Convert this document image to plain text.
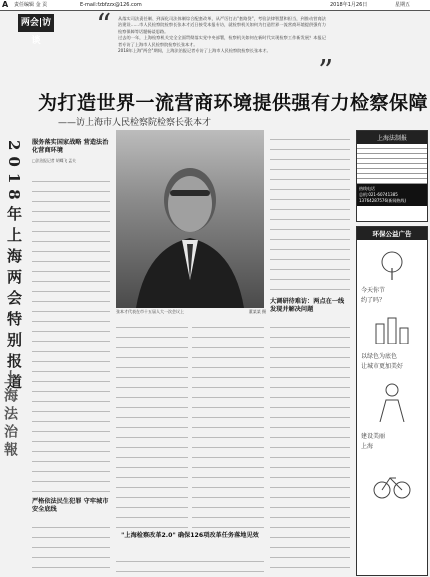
A 责任编辑 金 贡	E-mail:fzbfzzx@126.com	2018年1月26日	星期五
两会|访谈	“
”

从落实司法责任制、到深化司法体制综合配套改革，从严厉打击"套路贷"，考验法律智慧和担当，到推动营商法治建设……市人民检察院检察长张本才近日接受本报专访，就检察机关如何为打造世界一流营商环境提供强有力检察保障等话题畅谈思路。

过去的一年，上海检察机关完全全面贯彻落实党中央部署，检察机关如何在新时代实现检察工作新发展？本报记者专访了上海市人民检察院检察长张本才。

2018年上海"两会"期间，上海法治报记者专访了上海市人民检察院检察长张本才。

为打造世界一流营商环境提供强有力检察保障
——访上海市人民检察院检察长张本才
2018年上海两会特别报道
上海法治報
服务落实国家战略 营造法治化营商环境
□法治报记者 胡蝶飞 孟夫
严格依法民生犯罪 守牢城市安全底线
张本才代表在市十五届人大一次会议上	董某某 摄
"上海检察改革2.0" 确保126项改革任务落地见效
大调研待难访：两点在一线发现并解决问题
上海法制报
热线电话
总机:021-60741385
13764287576(新闻热线)
环保公益广告
今天你节
约了吗？
以绿色为底色
让城市更加美好
建设美丽
上海
